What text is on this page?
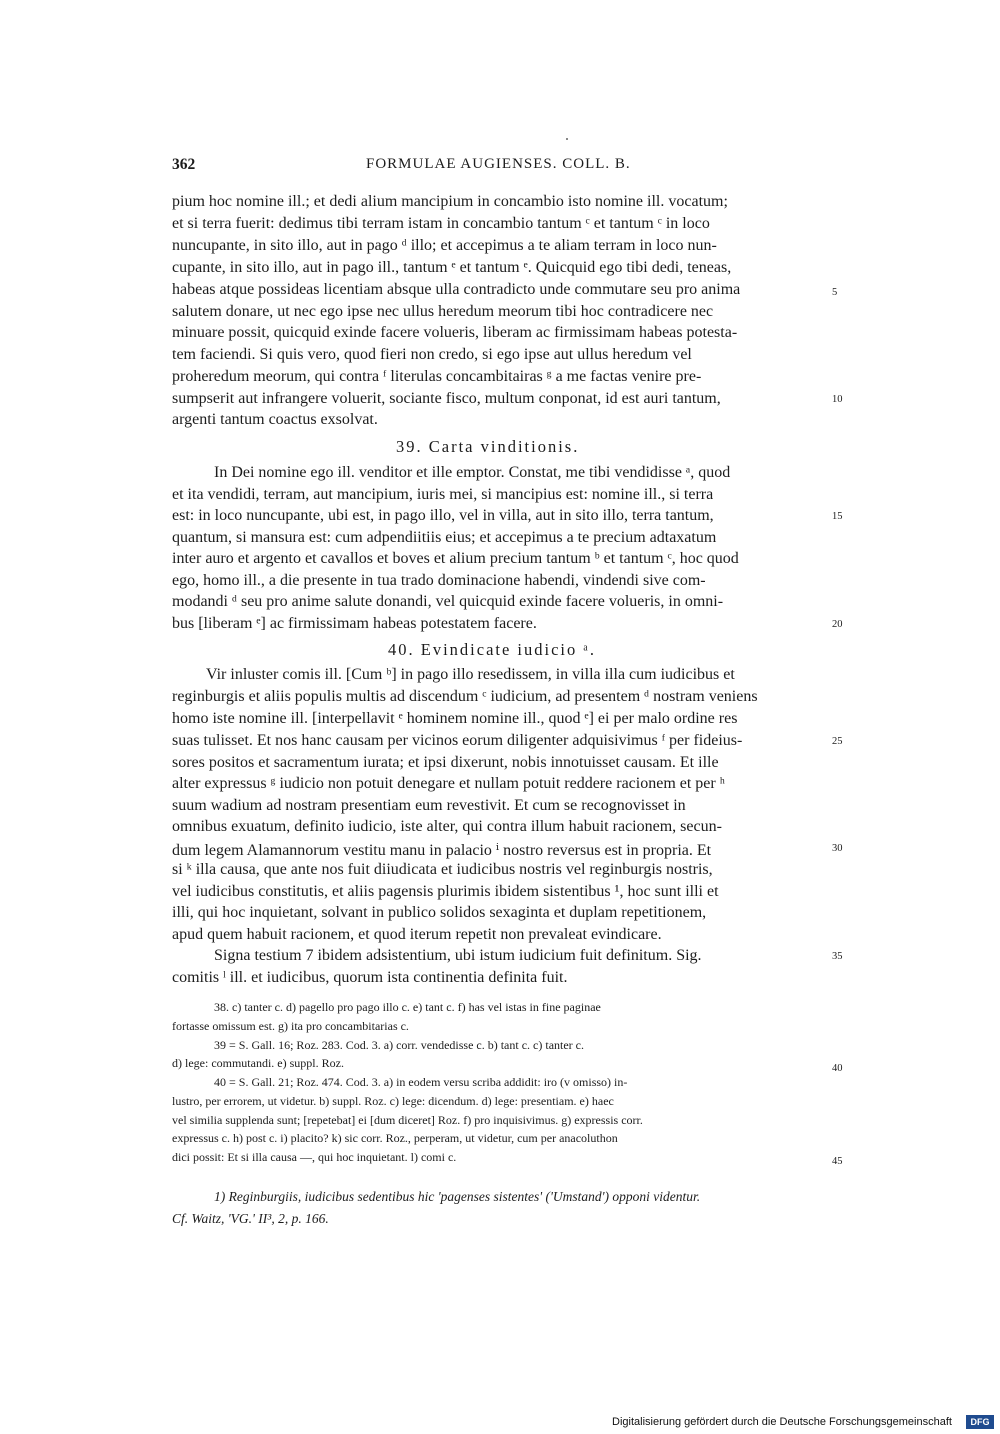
362	FORMULAE AUGIENSES. COLL. B.
pium hoc nomine ill.; et dedi alium mancipium in concambio isto nomine ill. vocatum;
et si terra fuerit: dedimus tibi terram istam in concambio tantum ᶜ et tantum ᶜ in loco
nuncupante, in sito illo, aut in pago ᵈ illo; et accepimus a te aliam terram in loco nun-
cupante, in sito illo, aut in pago ill., tantum ᵉ et tantum ᵉ. Quicquid ego tibi dedi, teneas,
habeas atque possideas licentiam absque ulla contradicto unde commutare seu pro anima
salutem donare, ut nec ego ipse nec ullus heredum meorum tibi hoc contradicere nec
minuare possit, quicquid exinde facere volueris, liberam ac firmissimam habeas potesta-
tem faciendi. Si quis vero, quod fieri non credo, si ego ipse aut ullus heredum vel
proheredum meorum, qui contra ᶠ literulas concambitairas ᵍ a me factas venire pre-
sumpserit aut infrangere voluerit, sociante fisco, multum conponat, id est auri tantum,
argenti tantum coactus exsolvat.
39. Carta vinditionis.
In Dei nomine ego ill. venditor et ille emptor. Constat, me tibi vendidisse ᵃ, quod
et ita vendidi, terram, aut mancipium, iuris mei, si mancipius est: nomine ill., si terra
est: in loco nuncupante, ubi est, in pago illo, vel in villa, aut in sito illo, terra tantum,
quantum, si mansura est: cum adpendiitiis eius; et accepimus a te precium adtaxatum
inter auro et argento et cavallos et boves et alium precium tantum ᵇ et tantum ᶜ, hoc quod
ego, homo ill., a die presente in tua trado dominacione habendi, vindendi sive com-
modandi ᵈ seu pro anime salute donandi, vel quicquid exinde facere volueris, in omni-
bus [liberam ᵉ] ac firmissimam habeas potestatem facere.
40. Evindicate iudicio ᵃ.
Vir inluster comis ill. [Cum ᵇ] in pago illo resedissem, in villa illa cum iudicibus et
reginburgis et aliis populis multis ad discendum ᶜ iudicium, ad presentem ᵈ nostram veniens
homo iste nomine ill. [interpellavit ᵉ hominem nomine ill., quod ᵉ] ei per malo ordine res
suas tulisset. Et nos hanc causam per vicinos eorum diligenter adquisivimus ᶠ per fideius-
sores positos et sacramentum iurata; et ipsi dixerunt, nobis innotuisset causam. Et ille
alter expressus ᵍ iudicio non potuit denegare et nullam potuit reddere racionem et per ʰ
suum wadium ad nostram presentiam eum revestivit. Et cum se recognovisset in
omnibus exuatum, definito iudicio, iste alter, qui contra illum habuit racionem, secun-
dum legem Alamannorum vestitu manu in palacio ⁱ nostro reversus est in propria. Et
si ᵏ illa causa, que ante nos fuit diiudicata et iudicibus nostris vel reginburgis nostris,
vel iudicibus constitutis, et aliis pagensis plurimis ibidem sistentibus ¹, hoc sunt illi et
illi, qui hoc inquietant, solvant in publico solidos sexaginta et duplam repetitionem,
apud quem habuit racionem, et quod iterum repetit non prevaleat evindicare.
Signa testium 7 ibidem adsistentium, ubi istum iudicium fuit definitum. Sig.
comitis ˡ ill. et iudicibus, quorum ista continentia definita fuit.
5
10
15
20
25
30
35
40
45
38. c) tanter c. d) pagello pro pago illo c. e) tant c. f) has vel istas in fine paginae
fortasse omissum est. g) ita pro concambitarias c.
39 = S. Gall. 16; Roz. 283. Cod. 3. a) corr. vendedisse c. b) tant c. c) tanter c.
d) lege: commutandi. e) suppl. Roz.
40 = S. Gall. 21; Roz. 474. Cod. 3. a) in eodem versu scriba addidit: iro (v omisso) in-
lustro, per errorem, ut videtur. b) suppl. Roz. c) lege: dicendum. d) lege: presentiam. e) haec
vel similia supplenda sunt; [repetebat] ei [dum diceret] Roz. f) pro inquisivimus. g) expressis corr.
expressus c. h) post c. i) placito? k) sic corr. Roz., perperam, ut videtur, cum per anacoluthon
dici possit: Et si illa causa —, qui hoc inquietant. l) comi c.
1) Reginburgiis, iudicibus sedentibus hic 'pagenses sistentes' ('Umstand') opponi videntur.
Cf. Waitz, 'VG.' II³, 2, p. 166.
Digitalisierung gefördert durch die Deutsche Forschungsgemeinschaft	DFG
